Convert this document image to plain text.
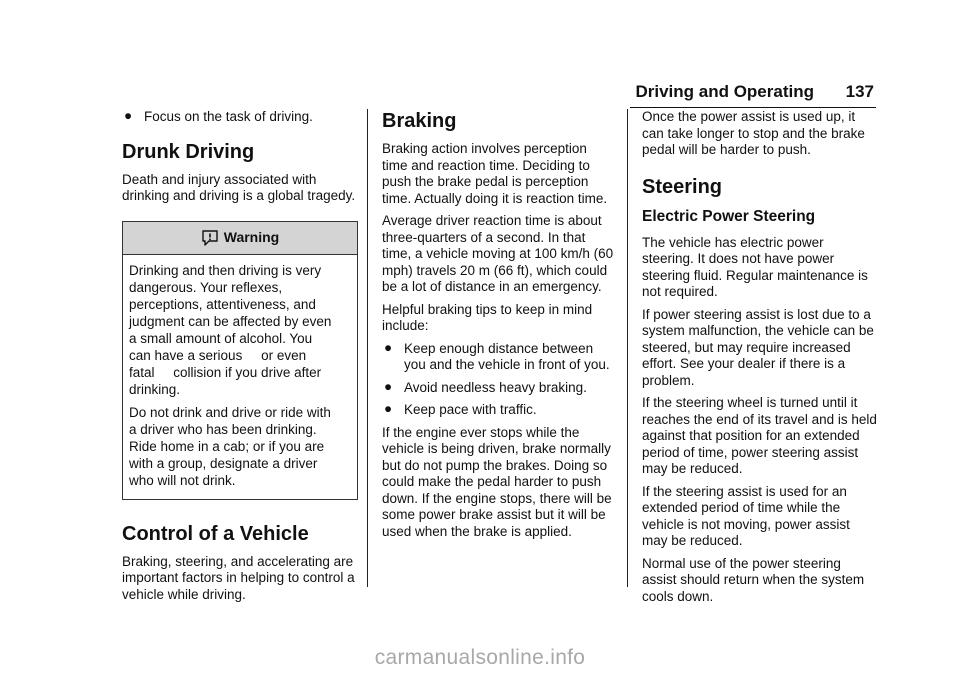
Driving and Operating 137
● Focus on the task of driving.
Drunk Driving

Death and injury associated with drinking and driving is a global tragedy.

Warning

Drinking and then driving is very
dangerous. Your reflexes,
perceptions, attentiveness, and
judgment can be affected by even
a small amount of alcohol. You
can have a serious     or even
fatal     collision if you drive after
drinking.

Do not drink and drive or ride with
a driver who has been drinking.
Ride home in a cab; or if you are
with a group, designate a driver
who will not drink.

Control of a Vehicle

Braking, steering, and accelerating are important factors in helping to control a vehicle while driving.

Braking

Braking action involves perception time and reaction time. Deciding to push the brake pedal is perception time. Actually doing it is reaction time.

Average driver reaction time is about three-quarters of a second. In that time, a vehicle moving at 100 km/h (60 mph) travels 20 m (66 ft), which could be a lot of distance in an emergency.

Helpful braking tips to keep in mind include:

● Keep enough distance between you and the vehicle in front of you.
● Avoid needless heavy braking.
● Keep pace with traffic.

If the engine ever stops while the vehicle is being driven, brake normally but do not pump the brakes. Doing so could make the pedal harder to push down. If the engine stops, there will be some power brake assist but it will be used when the brake is applied.

Once the power assist is used up, it can take longer to stop and the brake pedal will be harder to push.

Steering
Electric Power Steering

The vehicle has electric power steering. It does not have power steering fluid. Regular maintenance is not required.

If power steering assist is lost due to a system malfunction, the vehicle can be steered, but may require increased effort. See your dealer if there is a problem.

If the steering wheel is turned until it reaches the end of its travel and is held against that position for an extended period of time, power steering assist may be reduced.

If the steering assist is used for an extended period of time while the vehicle is not moving, power assist may be reduced.

Normal use of the power steering assist should return when the system cools down.

carmanualsonline.info
